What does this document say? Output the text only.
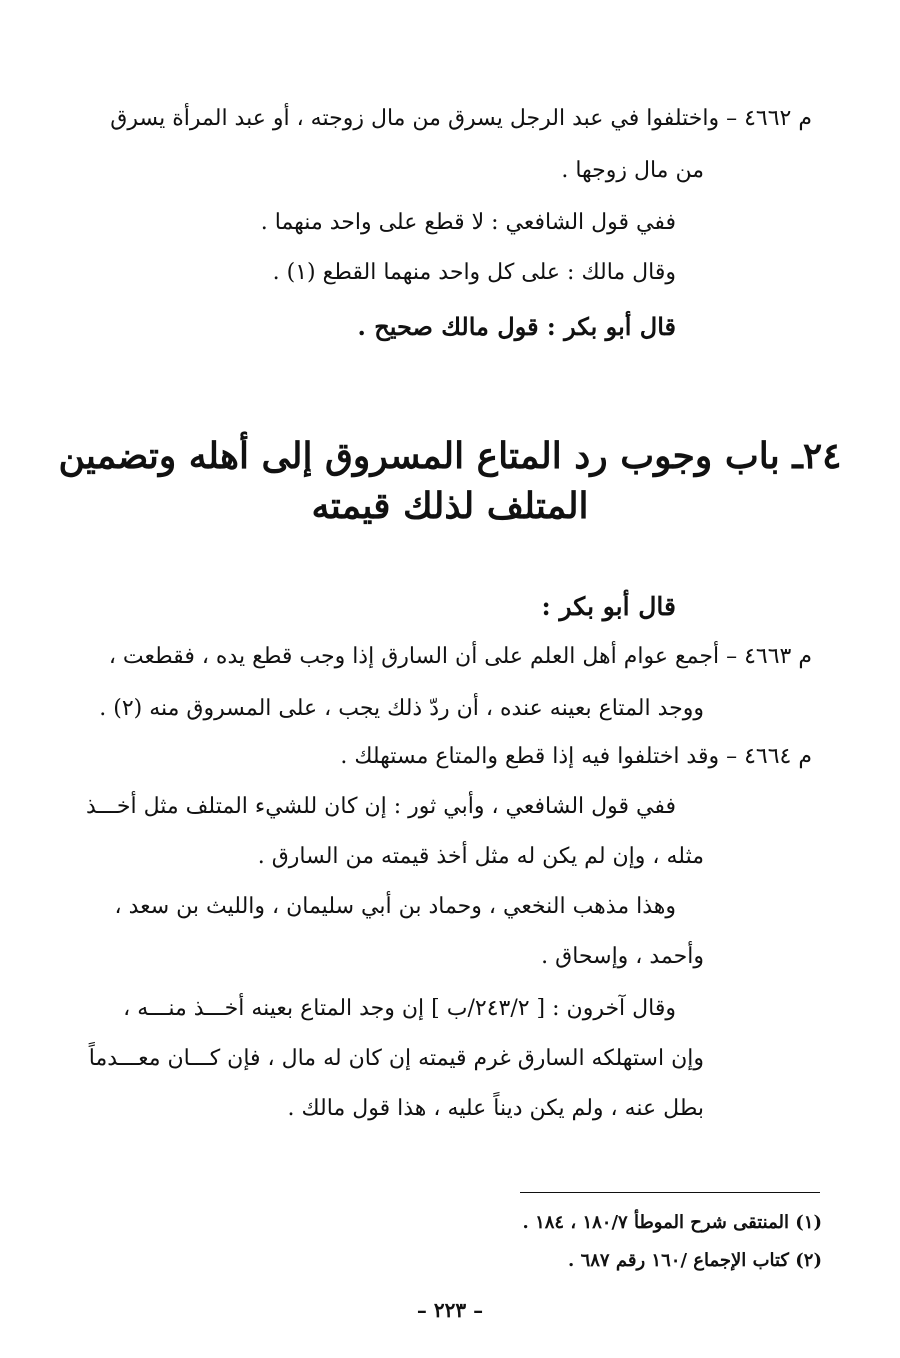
م ٤٦٦٢ – واختلفوا في عبد الرجل يسرق من مال زوجته ، أو عبد المرأة يسرق
من مال زوجها .
ففي قول الشافعي : لا قطع على واحد منهما .
وقال مالك : على كل واحد منهما القطع (١) .
قال أبو بكر : قول مالك صحيح .
٢٤ـ باب وجوب رد المتاع المسروق إلى أهله وتضمين
المتلف لذلك قيمته
قال أبو بكر :
م ٤٦٦٣ – أجمع عوام أهل العلم على أن السارق إذا وجب قطع يده ، فقطعت ،
ووجد المتاع بعينه عنده ، أن ردّ ذلك يجب ، على المسروق منه (٢) .
م ٤٦٦٤ – وقد اختلفوا فيه إذا قطع والمتاع مستهلك .
ففي قول الشافعي ، وأبي ثور : إن كان للشيء المتلف مثل أخـــذ
مثله ، وإن لم يكن له مثل أخذ قيمته من السارق .
وهذا مذهب النخعي ، وحماد بن أبي سليمان ، والليث بن سعد ،
وأحمد ، وإسحاق .
وقال آخرون : [ ٢٤٣/٢/ب ] إن وجد المتاع بعينه أخـــذ منـــه ،
وإن استهلكه السارق غرم قيمته إن كان له مال ، فإن كـــان معـــدماً
بطل عنه ، ولم يكن ديناً عليه ، هذا قول مالك .
(١) المنتقى شرح الموطأ ١٨٠/٧ ، ١٨٤ .
(٢) كتاب الإجماع /١٦٠ رقم ٦٨٧ .
– ٢٢٣ –
